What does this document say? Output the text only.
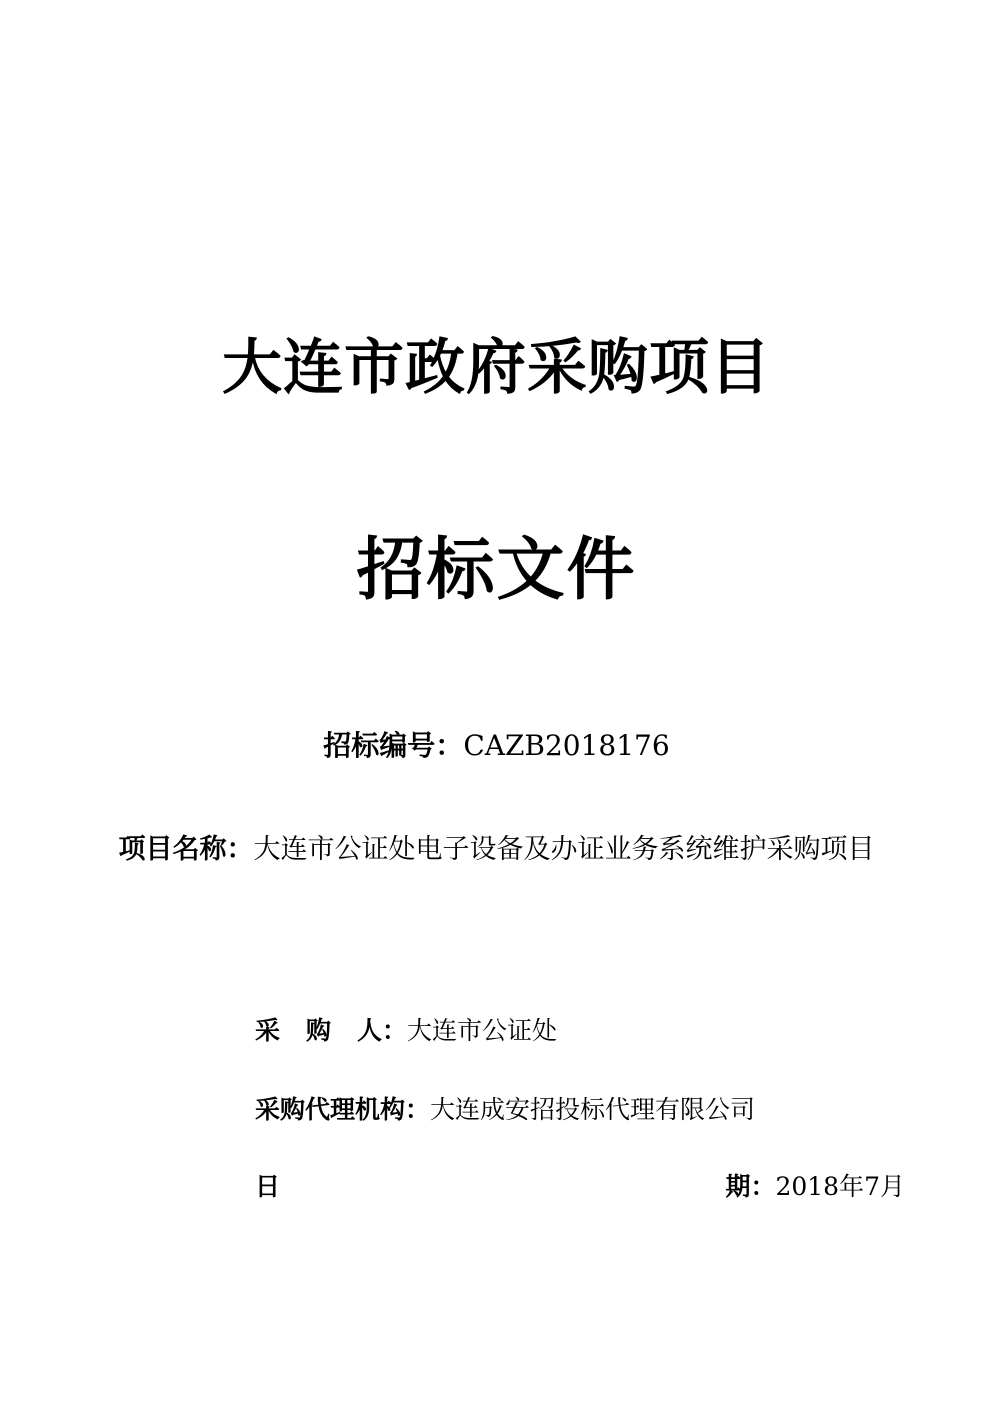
大连市政府采购项目
招标文件
招标编号：CAZB2018176
项目名称：大连市公证处电子设备及办证业务系统维护采购项目
采 购 人：大连市公证处
采购代理机构：大连成安招投标代理有限公司
日	期：2018年7月
